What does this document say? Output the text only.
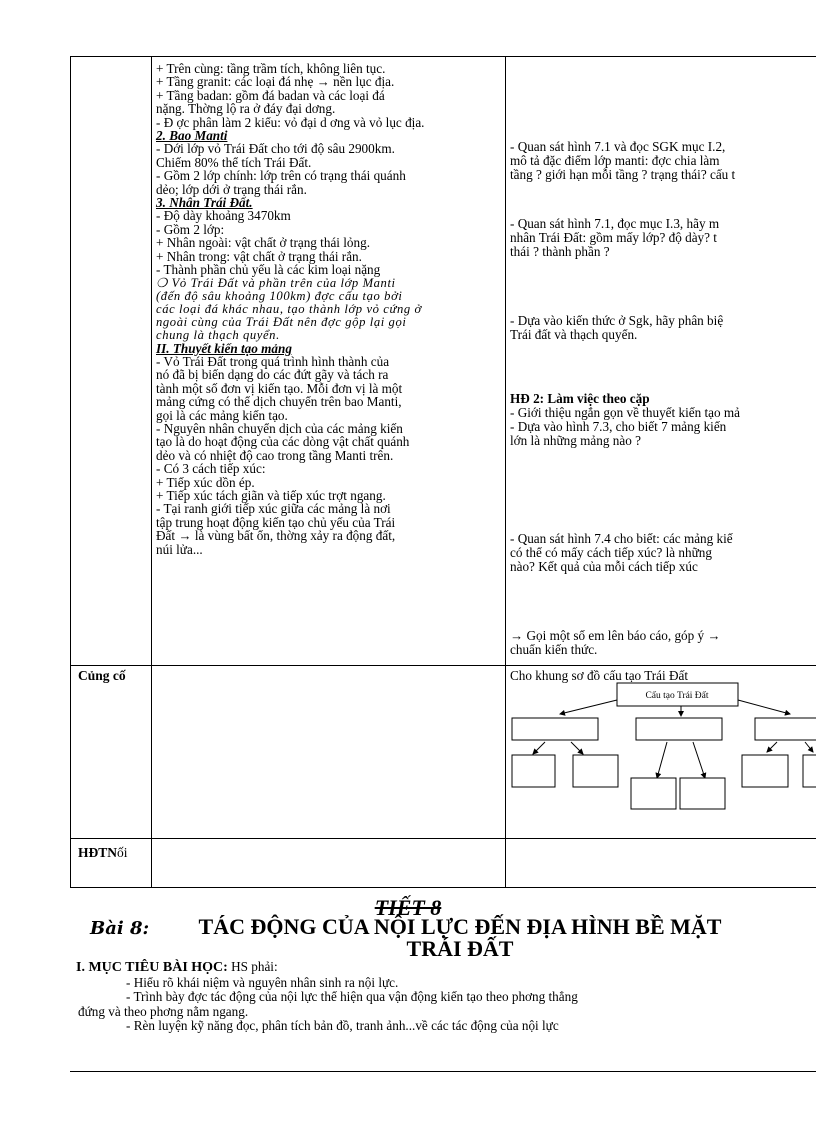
+ Trên cùng: tầng trầm tích, không liên tục.
+ Tầng granit: các loại đá nhẹ → nền lục địa.
+ Tầng badan: gồm đá badan và các loại đá
nặng. Thờng lộ ra ở đáy đại dơng.
- Đ ợc phân làm 2 kiểu: vỏ đại d ơng và vỏ lục địa.
2. Bao Manti
- Dới lớp vỏ Trái Đất cho tới độ sâu 2900km.
Chiếm 80% thể tích Trái Đất.
- Gồm 2 lớp chính: lớp trên có trạng thái quánh
dẻo; lớp dới ở trạng thái rắn.
3. Nhân Trái Đất.
- Độ dày khoảng 3470km
- Gồm 2 lớp:
+ Nhân ngoài: vật chất ở trạng thái lỏng.
+ Nhân trong: vật chất ở trạng thái rắn.
- Thành phần chủ yếu là các kim loại nặng
❍ Vỏ Trái Đất và phần trên của lớp Manti
(đến độ sâu khoảng 100km) đợc cấu tạo bởi
các loại đá khác nhau, tạo thành lớp vỏ cứng ở
ngoài cùng của Trái Đất nên đợc gộp lại gọi
chung là thạch quyển.
II. Thuyết kiến tạo mảng
- Vỏ Trái Đất trong quá trình hình thành của
nó đã bị biến dạng do các đứt gãy và tách ra
tành một số đơn vị kiến tạo. Mỗi đơn vị là một
mảng cứng có thể dịch chuyển trên bao Manti,
gọi là các mảng kiến tạo.
- Nguyên nhân chuyển dịch của các mảng kiến
tạo là do hoạt động của các dòng vật chất quánh
dẻo và có nhiệt độ cao trong tầng Manti trên.
- Có 3 cách tiếp xúc:
+ Tiếp xúc dồn ép.
+ Tiếp xúc tách giãn và tiếp xúc trợt ngang.
- Tại ranh giới tiếp xúc giữa các mảng là nơi
tập trung hoạt động kiến tạo chủ yếu của Trái
Đất → là vùng bất ổn, thờng xảy ra động đất,
núi lửa...
- Quan sát hình 7.1 và đọc SGK mục I.2,
mô tả đặc điểm lớp manti: đợc chia làm
tầng ? giới hạn mỗi tầng ? trạng thái? cấu t
- Quan sát hình 7.1, đọc mục I.3, hãy m
nhân Trái Đất: gồm mấy lớp? độ dày? t
thái ? thành phần ?
- Dựa vào kiến thức ở Sgk, hãy phân biệ
Trái đất và thạch quyển.
HĐ 2: Làm việc theo cặp
- Giới thiệu ngắn gọn về thuyết kiến tạo mả
- Dựa vào hình 7.3, cho biết 7 mảng kiến
lớn là những mảng nào ?
- Quan sát hình 7.4 cho biết: các mảng kiế
có thể có mấy cách tiếp xúc? là những
nào? Kết quả của mỗi cách tiếp xúc
→ Gọi một số em lên báo cáo, góp ý →
chuẩn kiến thức.
Củng cố	Cho khung sơ đồ cấu tạo Trái Đất
Cấu tạo Trái Đất
HĐTNối
TIẾT 8
Bài 8:	TÁC ĐỘNG CỦA NỘI LỰC ĐẾN ĐỊA HÌNH BỀ MẶT
TRÁI ĐẤT
I. MỤC TIÊU BÀI HỌC: HS phải:
- Hiểu rõ khái niệm và nguyên nhân sinh ra nội lực.
- Trình bày đợc tác động của nội lực thể hiện qua vận động kiến tạo theo phơng thẳng
đứng và theo phơng nằm ngang.
- Rèn luyện kỹ năng đọc, phân tích bản đồ, tranh ảnh...về các tác động của nội lực
